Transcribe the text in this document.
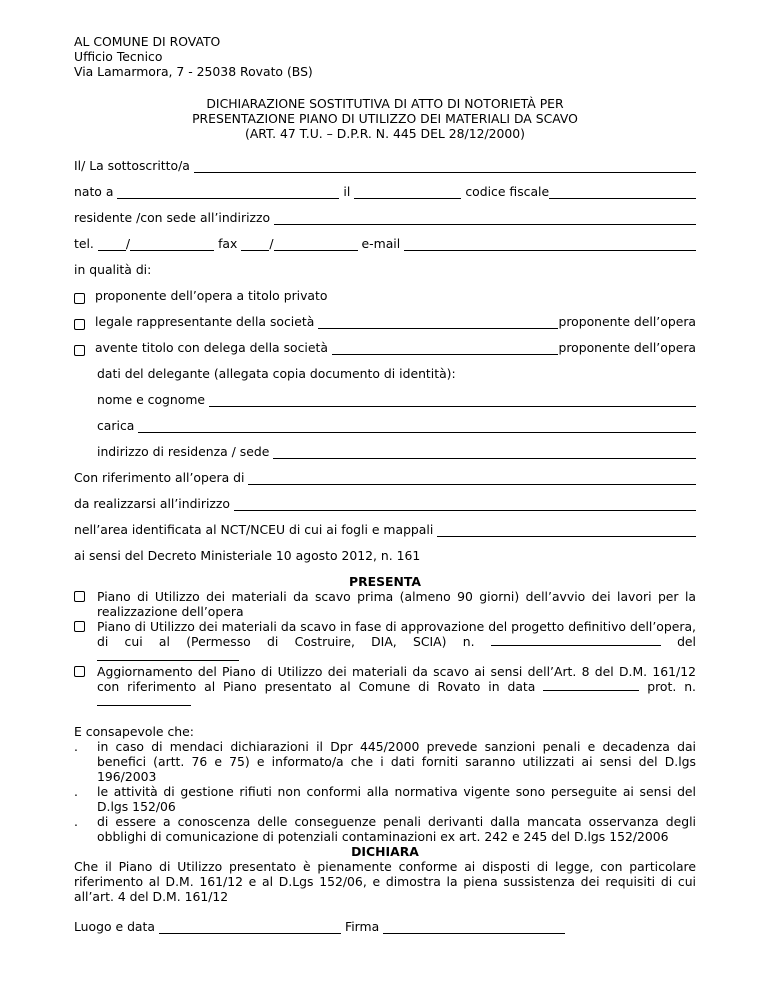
AL COMUNE DI ROVATO
Ufficio Tecnico
Via Lamarmora, 7 - 25038 Rovato (BS)
DICHIARAZIONE SOSTITUTIVA DI ATTO DI NOTORIETÀ PER
PRESENTAZIONE PIANO DI UTILIZZO DEI MATERIALI DA SCAVO
(ART. 47 T.U. – D.P.R. N. 445 DEL 28/12/2000)
Il/ La sottoscritto/a
nato a	il	codice fiscale
residente /con sede all’indirizzo
tel.	/	fax	/	e-mail
in qualità di:
proponente dell’opera a titolo privato
legale rappresentante della società	proponente dell’opera
avente titolo con delega della società	proponente dell’opera
dati del delegante (allegata copia documento di identità):
nome e cognome
carica
indirizzo di residenza / sede
Con riferimento all’opera di
da realizzarsi all’indirizzo
nell’area identificata al NCT/NCEU di cui ai fogli e mappali
ai sensi del Decreto Ministeriale 10 agosto 2012, n. 161
PRESENTA
Piano di Utilizzo dei materiali da scavo prima (almeno 90 giorni) dell’avvio dei lavori per la realizzazione dell’opera
Piano di Utilizzo dei materiali da scavo in fase di approvazione del progetto definitivo dell’opera, di cui al (Permesso di Costruire, DIA, SCIA) n.	del
Aggiornamento del Piano di Utilizzo dei materiali da scavo ai sensi dell’Art. 8 del D.M. 161/12 con riferimento al Piano presentato al Comune di Rovato in data	prot. n.
E consapevole che:
.	in caso di mendaci dichiarazioni il Dpr 445/2000 prevede sanzioni penali e decadenza dai benefici (artt. 76 e 75) e informato/a che i dati forniti saranno utilizzati ai sensi del D.lgs 196/2003
.	le attività di gestione rifiuti non conformi alla normativa vigente sono perseguite ai sensi del D.lgs 152/06
.	di essere a conoscenza delle conseguenze penali derivanti dalla mancata osservanza degli obblighi di comunicazione di potenziali contaminazioni ex art. 242 e 245 del D.lgs 152/2006
DICHIARA
Che il Piano di Utilizzo presentato è pienamente conforme ai disposti di legge, con particolare riferimento al D.M. 161/12 e al D.Lgs 152/06, e dimostra la piena sussistenza dei requisiti di cui all’art. 4 del D.M. 161/12
Luogo e data	Firma
